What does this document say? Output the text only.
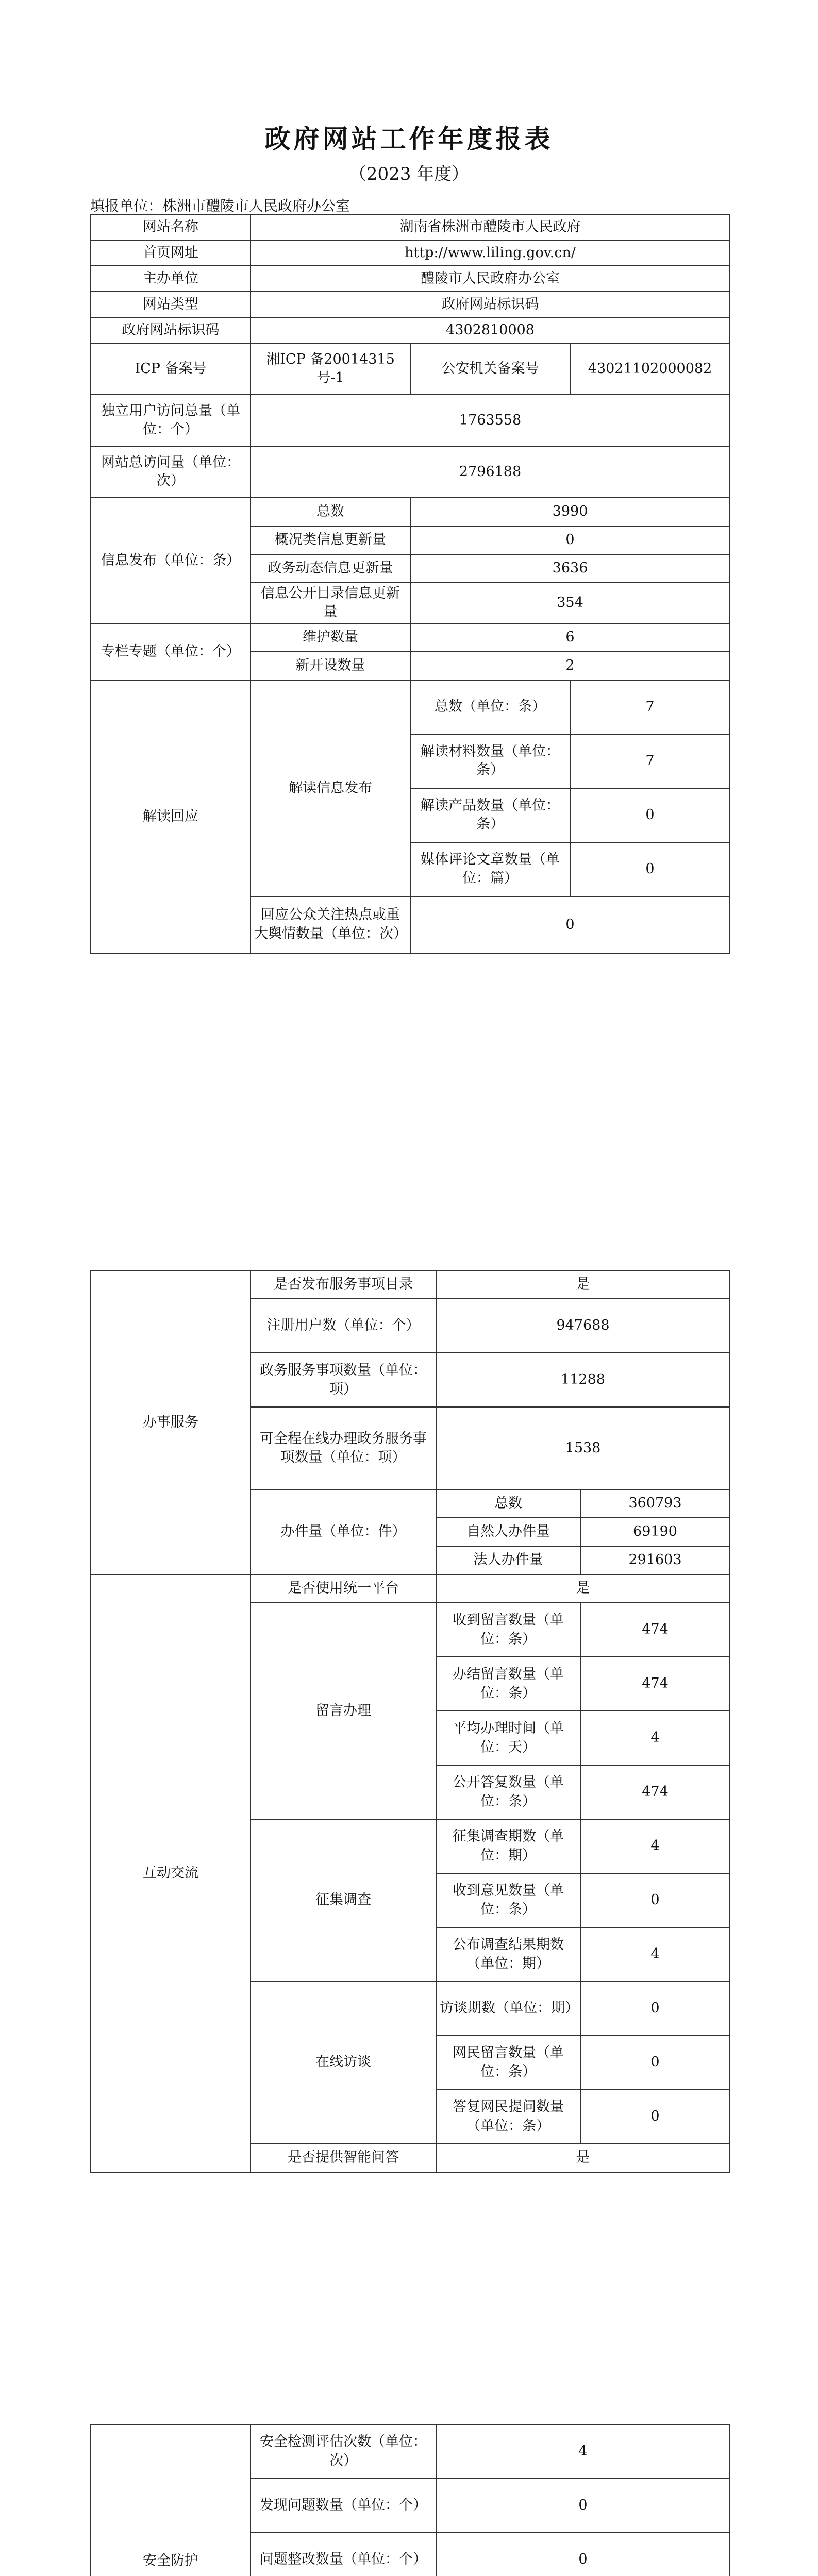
政府网站工作年度报表
（2023 年度）
填报单位：株洲市醴陵市人民政府办公室
网站名称	湖南省株洲市醴陵市人民政府		
首页网址	http://www.liling.gov.cn/		
主办单位	醴陵市人民政府办公室		
网站类型	政府网站标识码		
政府网站标识码	4302810008		
ICP 备案号	湘ICP 备20014315 号-1	公安机关备案号	43021102000082
独立用户访问总量（单位：个）	1763558		
网站总访问量（单位：次）	2796188		
信息发布（单位：条）	总数	3990	
	概况类信息更新量	0	
	政务动态信息更新量	3636	
	信息公开目录信息更新量	354	
专栏专题（单位：个）	维护数量	6	
	新开设数量	2	
解读回应	解读信息发布	总数（单位：条）	7
		解读材料数量（单位：条）	7
		解读产品数量（单位：条）	0
		媒体评论文章数量（单位：篇）	0
	回应公众关注热点或重大舆情数量（单位：次）	0	
办事服务	是否发布服务事项目录	是	
	注册用户数（单位：个）	947688	
	政务服务事项数量（单位：项）	11288	
	可全程在线办理政务服务事项数量（单位：项）	1538	
	办件量（单位：件）	总数	360793
		自然人办件量	69190
		法人办件量	291603
互动交流	是否使用统一平台	是	
	留言办理	收到留言数量（单位：条）	474
		办结留言数量（单位：条）	474
		平均办理时间（单位：天）	4
		公开答复数量（单位：条）	474
	征集调查	征集调查期数（单位：期）	4
		收到意见数量（单位：条）	0
		公布调查结果期数（单位：期）	4
	在线访谈	访谈期数（单位：期）	0
		网民留言数量（单位：条）	0
		答复网民提问数量（单位：条）	0
	是否提供智能问答	是	
安全防护	安全检测评估次数（单位：次）	4	
	发现问题数量（单位：个）	0	
	问题整改数量（单位：个）	0	
